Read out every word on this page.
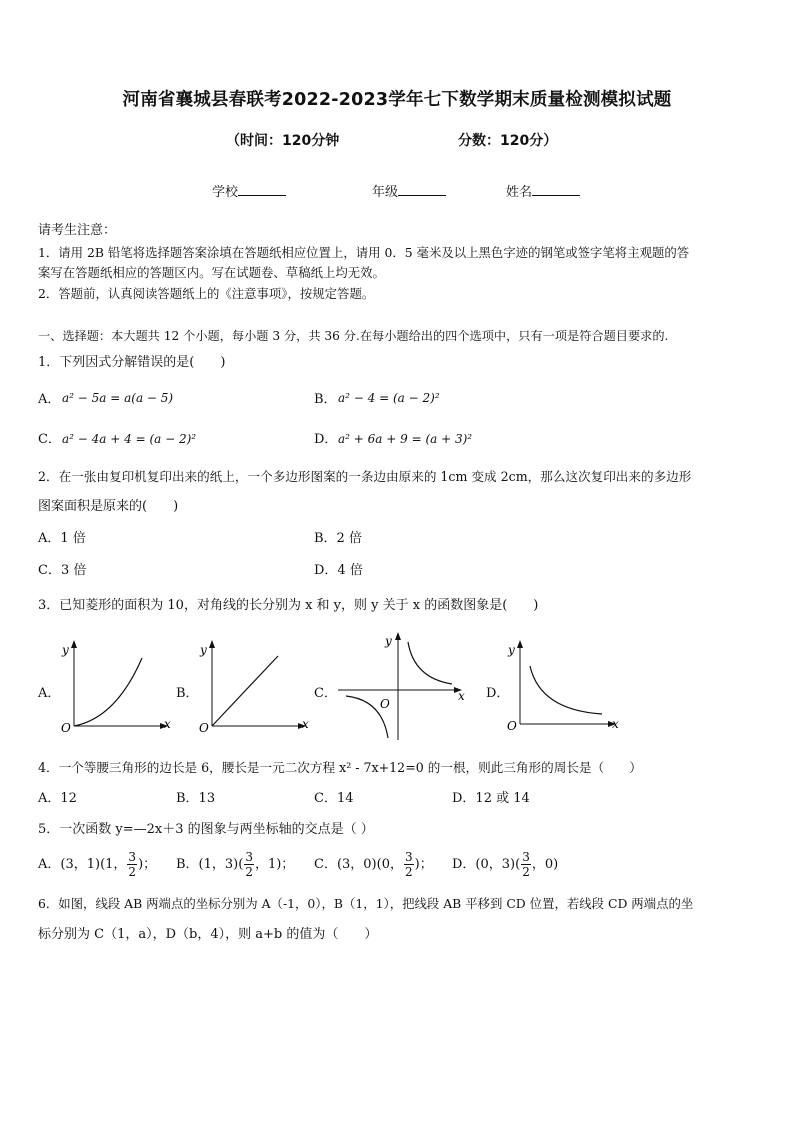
河南省襄城县春联考2022-2023学年七下数学期末质量检测模拟试题
（时间：120分钟	分数：120分）
学校	年级	姓名
请考生注意：
1．请用 2B 铅笔将选择题答案涂填在答题纸相应位置上，请用 0．5 毫米及以上黑色字迹的钢笔或签字笔将主观题的答
案写在答题纸相应的答题区内。写在试题卷、草稿纸上均无效。
2．答题前，认真阅读答题纸上的《注意事项》，按规定答题。
一、选择题：本大题共 12 个小题，每小题 3 分，共 36 分.在每小题给出的四个选项中，只有一项是符合题目要求的.
1．下列因式分解错误的是(　　)
A． a² − 5a = a(a − 5)	B． a² − 4 = (a − 2)²
C． a² − 4a + 4 = (a − 2)²	D． a² + 6a + 9 = (a + 3)²
2．在一张由复印机复印出来的纸上，一个多边形图案的一条边由原来的 1cm 变成 2cm，那么这次复印出来的多边形
图案面积是原来的(　　)
A．1 倍	B．2 倍
C．3 倍	D．4 倍
3．已知菱形的面积为 10，对角线的长分别为 x 和 y，则 y 关于 x 的函数图象是(　　)
A．
y
x
O
B．
y
x
O
C．
y
x
O
D．
y
x
O
4．一个等腰三角形的边长是 6，腰长是一元二次方程 x² - 7x+12=0 的一根，则此三角形的周长是（　　）
A．12	B．13	C．14	D．12 或 14
5．一次函数 y=—2x＋3 的图象与两坐标轴的交点是（ ）
A．(3，1)(1， $\frac{3}{2}$ )； B．(1，$3)( \frac{3}{2}$ ，1)； C．(3，0)(0， $\frac{3}{2}$ )； D．(0，$3)( \frac{3}{2}$ ，0)
6．如图，线段 AB 两端点的坐标分别为 A（-1，0），B（1，1），把线段 AB 平移到 CD 位置，若线段 CD 两端点的坐
标分别为 C（1，a），D（b，4），则 a+b 的值为（　　）
